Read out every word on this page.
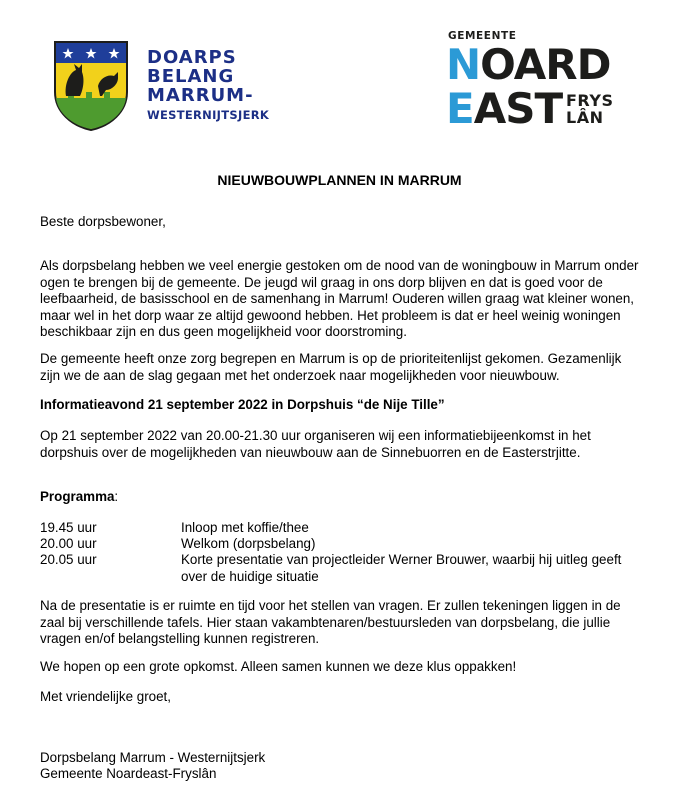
DOARPS
BELANG
MARRUM-
WESTERNIJTSJERK
GEMEENTE
NOARD
EAST FRYS
LÂN
NIEUWBOUWPLANNEN IN MARRUM
Beste dorpsbewoner,
Als dorpsbelang hebben we veel energie gestoken om de nood van de woningbouw in Marrum onder ogen te brengen bij de gemeente. De jeugd wil graag in ons dorp blijven en dat is goed voor de leefbaarheid, de basisschool en de samenhang in Marrum! Ouderen willen graag wat kleiner wonen, maar wel in het dorp waar ze altijd gewoond hebben. Het probleem is dat er heel weinig woningen beschikbaar zijn en dus geen mogelijkheid voor doorstroming.
De gemeente heeft onze zorg begrepen en Marrum is op de prioriteitenlijst gekomen. Gezamenlijk zijn we de aan de slag gegaan met het onderzoek naar mogelijkheden voor nieuwbouw.
Informatieavond 21 september 2022 in Dorpshuis “de Nije Tille”
Op 21 september 2022 van 20.00-21.30 uur organiseren wij een informatiebijeenkomst in het dorpshuis over de mogelijkheden van nieuwbouw aan de Sinnebuorren en de Easterstrjitte.
Programma:
19.45 uur	Inloop met koffie/thee
20.00 uur	Welkom (dorpsbelang)
20.05 uur	Korte presentatie van projectleider Werner Brouwer, waarbij hij uitleg geeft over de huidige situatie
Na de presentatie is er ruimte en tijd voor het stellen van vragen. Er zullen tekeningen liggen in de zaal bij verschillende tafels. Hier staan vakambtenaren/bestuursleden van dorpsbelang, die jullie vragen en/of belangstelling kunnen registreren.
We hopen op een grote opkomst. Alleen samen kunnen we deze klus oppakken!
Met vriendelijke groet,
Dorpsbelang Marrum - Westernijtsjerk
Gemeente Noardeast-Fryslân
